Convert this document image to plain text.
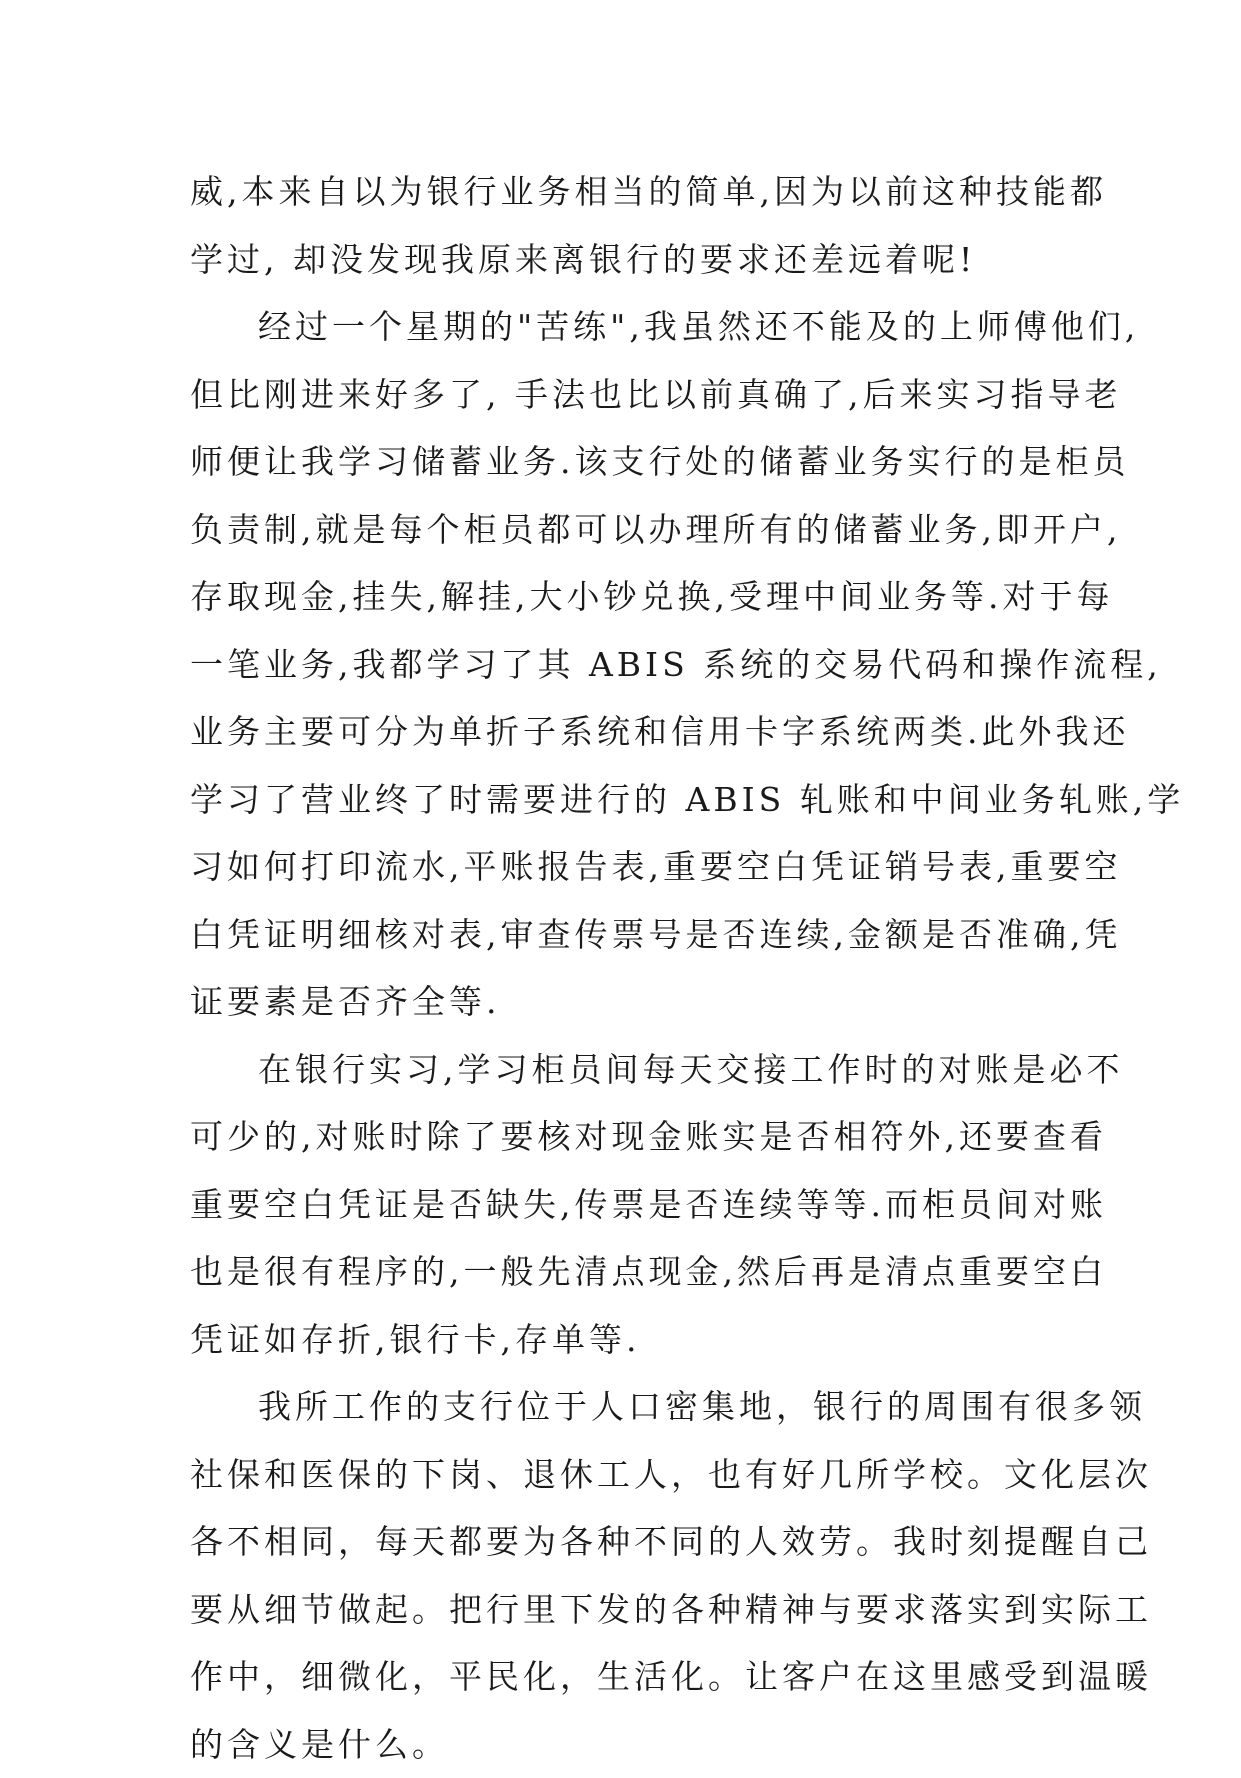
威,本来自以为银行业务相当的简单,因为以前这种技能都
学过, 却没发现我原来离银行的要求还差远着呢!
经过一个星期的"苦练",我虽然还不能及的上师傅他们,
但比刚进来好多了, 手法也比以前真确了,后来实习指导老
师便让我学习储蓄业务.该支行处的储蓄业务实行的是柜员
负责制,就是每个柜员都可以办理所有的储蓄业务,即开户,
存取现金,挂失,解挂,大小钞兑换,受理中间业务等.对于每
一笔业务,我都学习了其 ABIS 系统的交易代码和操作流程,
业务主要可分为单折子系统和信用卡字系统两类.此外我还
学习了营业终了时需要进行的 ABIS 轧账和中间业务轧账,学
习如何打印流水,平账报告表,重要空白凭证销号表,重要空
白凭证明细核对表,审查传票号是否连续,金额是否准确,凭
证要素是否齐全等.
在银行实习,学习柜员间每天交接工作时的对账是必不
可少的,对账时除了要核对现金账实是否相符外,还要查看
重要空白凭证是否缺失,传票是否连续等等.而柜员间对账
也是很有程序的,一般先清点现金,然后再是清点重要空白
凭证如存折,银行卡,存单等.
我所工作的支行位于人口密集地，银行的周围有很多领
社保和医保的下岗、退休工人，也有好几所学校。文化层次
各不相同，每天都要为各种不同的人效劳。我时刻提醒自己
要从细节做起。把行里下发的各种精神与要求落实到实际工
作中，细微化，平民化，生活化。让客户在这里感受到温暖
的含义是什么。
